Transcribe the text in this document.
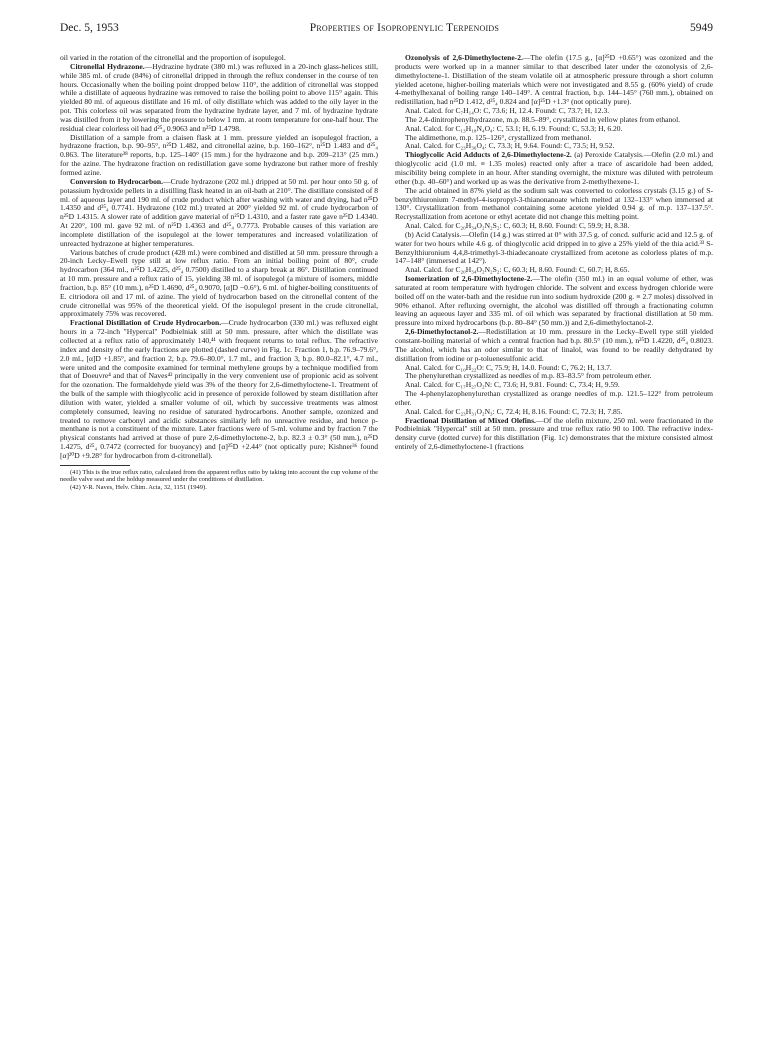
Dec. 5, 1953	Properties of Isopropenylic Terpenoids	5949

oil varied in the rotation of the citronellal and the proportion of isopulegol.

Citronellal Hydrazone.—Hydrazine hydrate (380 ml.) was refluxed in a 20-inch glass-helices still, while 385 ml. of crude (84%) of citronellal dripped in through the reflux condenser in the course of ten hours. Occasionally when the boiling point dropped below 110°, the addition of citronellal was stopped while a distillate of aqueous hydrazine was removed to raise the boiling point to above 115° again. This yielded 80 ml. of aqueous distillate and 16 ml. of oily distillate which was added to the oily layer in the pot. This colorless oil was separated from the hydrazine hydrate layer, and 7 ml. of hydrazine hydrate was distilled from it by lowering the pressure to below 1 mm. at room temperature for one-half hour. The residual clear colorless oil had d²⁵₄ 0.9063 and n²⁵D 1.4798.

Distillation of a sample from a claisen flask at 1 mm. pressure yielded an isopulegol fraction, a hydrazone fraction, b.p. 90–95°, n²⁵D 1.482, and citronellal azine, b.p. 160–162°, n²⁵D 1.483 and d²⁵₄ 0.863. The literature³⁸ reports, b.p. 125–140° (15 mm.) for the hydrazone and b.p. 209–213° (25 mm.) for the azine. The hydrazone fraction on redistillation gave some hydrazone but rather more of freshly formed azine.

Conversion to Hydrocarbon.—Crude hydrazone (202 ml.) dripped at 50 ml. per hour onto 50 g. of potassium hydroxide pellets in a distilling flask heated in an oil-bath at 210°. The distillate consisted of 8 ml. of aqueous layer and 190 ml. of crude product which after washing with water and drying, had n²⁵D 1.4350 and d²⁵₄ 0.7741. Hydrazone (102 ml.) treated at 200° yielded 92 ml. of crude hydrocarbon of n²⁵D 1.4315. A slower rate of addition gave material of n²⁵D 1.4310, and a faster rate gave n²⁵D 1.4340. At 220°, 100 ml. gave 92 ml. of n²⁵D 1.4363 and d²⁵₄ 0.7773. Probable causes of this variation are incomplete distillation of the isopulegol at the lower temperatures and increased volatilization of unreacted hydrazone at higher temperatures.

Various batches of crude product (428 ml.) were combined and distilled at 50 mm. pressure through a 20-inch Lecky–Ewell type still at low reflux ratio. From an initial boiling point of 80°, crude hydrocarbon (364 ml., n²⁵D 1.4225, d²⁵₄ 0.7500) distilled to a sharp break at 86°. Distillation continued at 10 mm. pressure and a reflux ratio of 15, yielding 38 ml. of isopulegol (a mixture of isomers, middle fraction, b.p. 85° (10 mm.), n²⁵D 1.4690, d²⁵₄ 0.9070, [α]D −0.6°), 6 ml. of higher-boiling constituents of E. citriodora oil and 17 ml. of azine. The yield of hydrocarbon based on the citronellal content of the crude citronellal was 95% of the theoretical yield. Of the isopulegol present in the crude citronellal, approximately 75% was recovered.

Fractional Distillation of Crude Hydrocarbon.—Crude hydrocarbon (330 ml.) was refluxed eight hours in a 72-inch "Hypercal" Podbielniak still at 50 mm. pressure, after which the distillate was collected at a reflux ratio of approximately 140,⁴¹ with frequent returns to total reflux. The refractive index and density of the early fractions are plotted (dashed curve) in Fig. 1c. Fraction 1, b.p. 76.9–79.6°, 2.0 ml., [α]D +1.85°, and fraction 2, b.p. 79.6–80.0°, 1.7 ml., and fraction 3, b.p. 80.0–82.1°, 4.7 ml., were united and the composite examined for terminal methylene groups by a technique modified from that of Doeuvre⁴ and that of Naves⁴² principally in the very convenient use of propionic acid as solvent for the ozonation. The formaldehyde yield was 3% of the theory for 2,6-dimethyloctene-1. Treatment of the bulk of the sample with thioglycolic acid in presence of peroxide followed by steam distillation after dilution with water, yielded a smaller volume of oil, which by successive treatments was almost completely consumed, leaving no residue of saturated hydrocarbons. Another sample, ozonized and treated to remove carbonyl and acidic substances similarly left no unreactive residue, and hence p-menthane is not a constituent of the mixture. Later fractions were of 5-ml. volume and by fraction 7 the physical constants had arrived at those of pure 2,6-dimethyloctene-2, b.p. 82.3 ± 0.3° (50 mm.), n²⁵D 1.4275, d²⁵₄ 0.7472 (corrected for buoyancy) and [α]²⁵D +2.44° (not optically pure; Kishner³⁶ found [α]²⁰D +9.28° for hydrocarbon from d-citronellal).

(41) This is the true reflux ratio, calculated from the apparent reflux ratio by taking into account the cup volume of the needle valve seat and the holdup measured under the conditions of distillation.

(42) Y-R. Naves, Helv. Chim. Acta, 32, 1151 (1949).

Ozonolysis of 2,6-Dimethyloctene-2.—The olefin (17.5 g., [α]²⁵D +0.65°) was ozonized and the products were worked up in a manner similar to that described later under the ozonolysis of 2,6-dimethyloctene-1. Distillation of the steam volatile oil at atmospheric pressure through a short column yielded acetone, higher-boiling materials which were not investigated and 8.55 g. (60% yield) of crude 4-methylhexanal of boiling range 140–149°. A central fraction, b.p. 144–145° (760 mm.), obtained on redistillation, had n²⁵D 1.412, d²⁵₄ 0.824 and [α]²⁵D +1.3° (not optically pure).

Anal. Calcd. for C₇H₁₄O: C, 73.6; H, 12.4. Found: C, 73.7; H, 12.3.

The 2,4-dinitrophenylhydrazone, m.p. 88.5–89°, crystallized in yellow plates from ethanol.

Anal. Calcd. for C₁₃H₁₈N₄O₄: C, 53.1; H, 6.19. Found: C, 53.3; H, 6.20.

The aldimethone, m.p. 125–126°, crystallized from methanol.

Anal. Calcd. for C₂₃H₃₆O₄: C, 73.3; H, 9.64. Found: C, 73.5; H, 9.52.

Thioglycolic Acid Adducts of 2,6-Dimethyloctene-2. (a) Peroxide Catalysis.—Olefin (2.0 ml.) and thioglycolic acid (1.0 ml. ≡ 1.35 moles) reacted only after a trace of ascaridole had been added, miscibility being complete in an hour. After standing overnight, the mixture was diluted with petroleum ether (b.p. 40–60°) and worked up as was the derivative from 2-methylhexene-1.

The acid obtained in 87% yield as the sodium salt was converted to colorless crystals (3.15 g.) of S-benzylthiuronium 7-methyl-4-isopropyl-3-thianonanoate which melted at 132–133° when immersed at 130°. Crystallization from methanol containing some acetone yielded 0.94 g. of m.p. 137–137.5°. Recrystallization from acetone or ethyl acetate did not change this melting point.

Anal. Calcd. for C₂₀H₃₄O₂N₂S₂: C, 60.3; H, 8.60. Found: C, 59.9; H, 8.38.

(b) Acid Catalysis.—Olefin (14 g.) was stirred at 0° with 37.5 g. of concd. sulfuric acid and 12.5 g. of water for two hours while 4.6 g. of thioglycolic acid dripped in to give a 25% yield of the thia acid.³³ S-Benzylthiuronium 4,4,8-trimethyl-3-thiadecanoate crystallized from acetone as colorless plates of m.p. 147–148° (immersed at 142°).

Anal. Calcd. for C₂₀H₃₄O₂N₂S₂: C, 60.3; H, 8.60. Found: C, 60.7; H, 8.65.

Isomerization of 2,6-Dimethyloctene-2.—The olefin (350 ml.) in an equal volume of ether, was saturated at room temperature with hydrogen chloride. The solvent and excess hydrogen chloride were boiled off on the water-bath and the residue run into sodium hydroxide (200 g. ≡ 2.7 moles) dissolved in 90% ethanol. After refluxing overnight, the alcohol was distilled off through a fractionating column leaving an aqueous layer and 335 ml. of oil which was separated by fractional distillation at 50 mm. pressure into mixed hydrocarbons (b.p. 80–84° (50 mm.)) and 2,6-dimethyloctanol-2.

2,6-Dimethyloctanol-2.—Redistillation at 10 mm. pressure in the Lecky–Ewell type still yielded constant-boiling material of which a central fraction had b.p. 80.5° (10 mm.), n²⁵D 1.4220, d²⁵₄ 0.8023. The alcohol, which has an odor similar to that of linalol, was found to be readily dehydrated by distillation from iodine or p-toluenesulfonic acid.

Anal. Calcd. for C₁₀H₂₂O: C, 75.9; H, 14.0. Found: C, 76.2; H, 13.7.

The phenylurethan crystallized as needles of m.p. 83–83.5° from petroleum ether.

Anal. Calcd. for C₁₇H₂₇O₂N: C, 73.6; H, 9.81. Found: C, 73.4; H, 9.59.

The 4-phenylazophenylurethan crystallized as orange needles of m.p. 121.5–122° from petroleum ether.

Anal. Calcd. for C₂₃H₃₁O₂N₃: C, 72.4; H, 8.16. Found: C, 72.3; H, 7.85.

Fractional Distillation of Mixed Olefins.—Of the olefin mixture, 250 ml. were fractionated in the Podbielniak "Hypercal" still at 50 mm. pressure and true reflux ratio 90 to 100. The refractive index-density curve (dotted curve) for this distillation (Fig. 1c) demonstrates that the mixture consisted almost entirely of 2,6-dimethyloctene-1 (fractions
